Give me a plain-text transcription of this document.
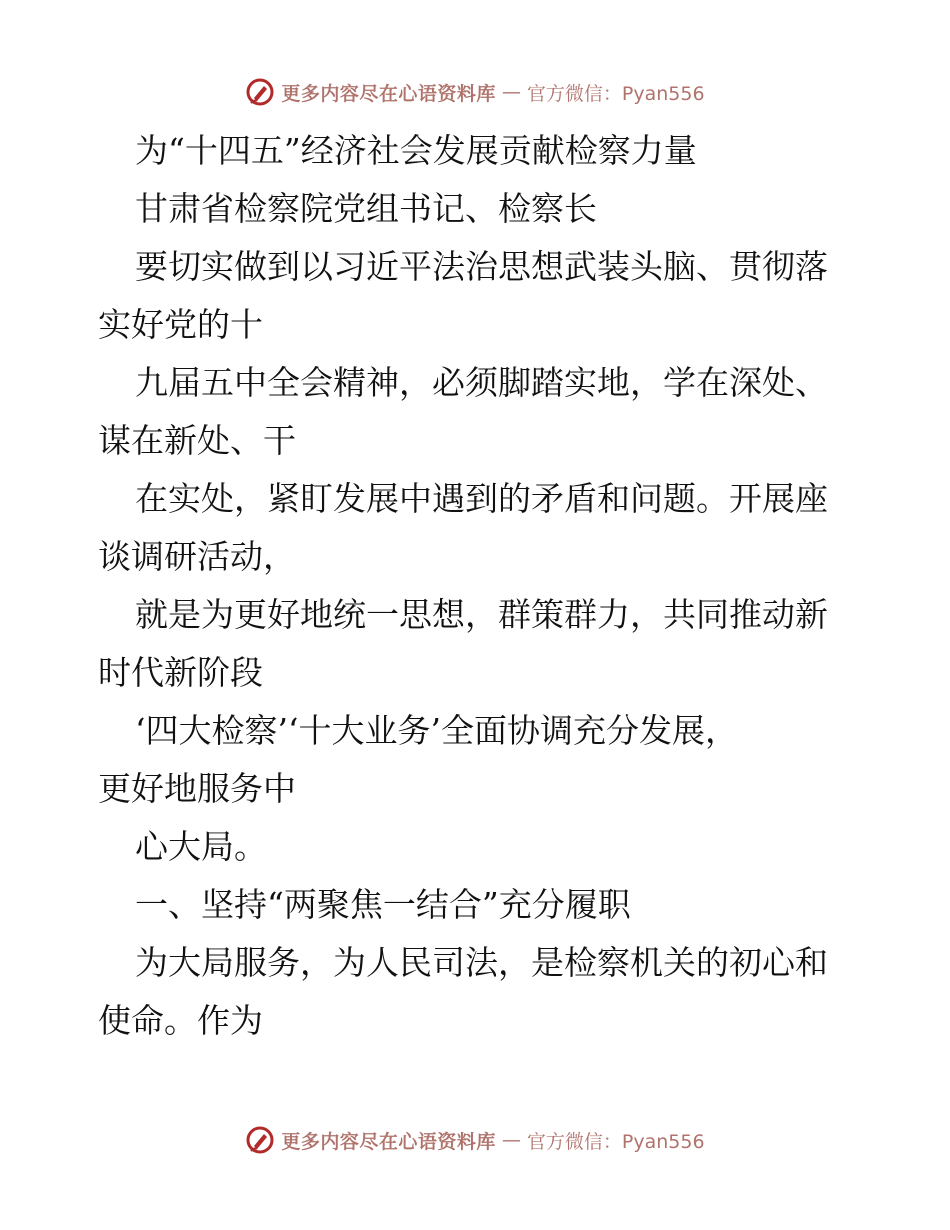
更多内容尽在心语资料库 — 官方微信：Pyan556
为“十四五”经济社会发展贡献检察力量
甘肃省检察院党组书记、检察长
要切实做到以习近平法治思想武装头脑、贯彻落
实好党的十
九届五中全会精神，必须脚踏实地，学在深处、
谋在新处、干
在实处，紧盯发展中遇到的矛盾和问题。开展座
谈调研活动，
就是为更好地统一思想，群策群力，共同推动新
时代新阶段
‘四大检察’‘十大业务’全面协调充分发展，
更好地服务中
心大局。
一、坚持“两聚焦一结合”充分履职
为大局服务，为人民司法，是检察机关的初心和
使命。作为
更多内容尽在心语资料库 — 官方微信：Pyan556
